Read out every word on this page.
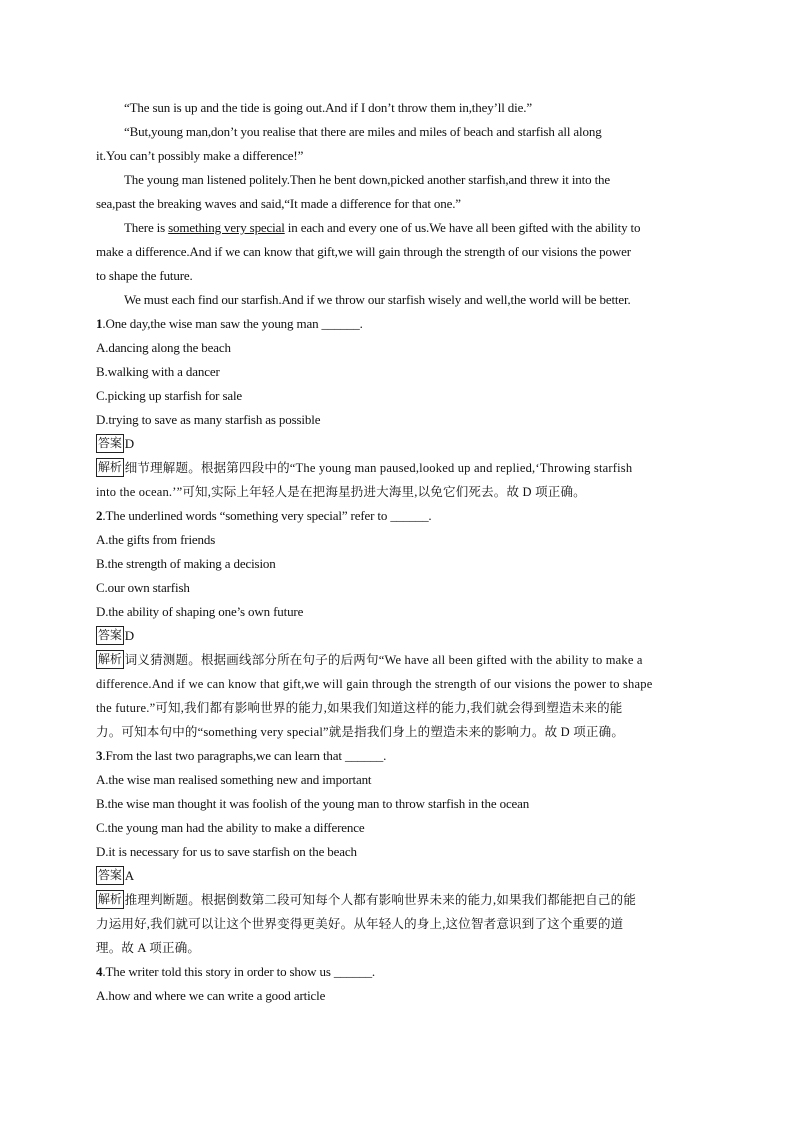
“The sun is up and the tide is going out.And if I don’t throw them in,they’ll die.”
“But,young man,don’t you realise that there are miles and miles of beach and starfish all along
it.You can’t possibly make a difference!”
The young man listened politely.Then he bent down,picked another starfish,and threw it into the
sea,past the breaking waves and said,“It made a difference for that one.”
There is something very special in each and every one of us.We have all been gifted with the ability to
make a difference.And if we can know that gift,we will gain through the strength of our visions the power
to shape the future.
We must each find our starfish.And if we throw our starfish wisely and well,the world will be better.
1.One day,the wise man saw the young man ______.
A.dancing along the beach
B.walking with a dancer
C.picking up starfish for sale
D.trying to save as many starfish as possible
答案 D
解析 细节理解题。根据第四段中的“The young man paused,looked up and replied,‘Throwing starfish
into the ocean.’”可知,实际上年轻人是在把海星扔进大海里,以免它们死去。故 D 项正确。
2.The underlined words “something very special” refer to ______.
A.the gifts from friends
B.the strength of making a decision
C.our own starfish
D.the ability of shaping one’s own future
答案 D
解析 词义猜测题。根据画线部分所在句子的后两句“We have all been gifted with the ability to make a
difference.And if we can know that gift,we will gain through the strength of our visions the power to shape
the future.”可知,我们都有影响世界的能力,如果我们知道这样的能力,我们就会得到塑造未来的能
力。可知本句中的“something very special”就是指我们身上的塑造未来的影响力。故 D 项正确。
3.From the last two paragraphs,we can learn that ______.
A.the wise man realised something new and important
B.the wise man thought it was foolish of the young man to throw starfish in the ocean
C.the young man had the ability to make a difference
D.it is necessary for us to save starfish on the beach
答案 A
解析 推理判断题。根据倒数第二段可知每个人都有影响世界未来的能力,如果我们都能把自己的能
力运用好,我们就可以让这个世界变得更美好。从年轻人的身上,这位智者意识到了这个重要的道
理。故 A 项正确。
4.The writer told this story in order to show us ______.
A.how and where we can write a good article
